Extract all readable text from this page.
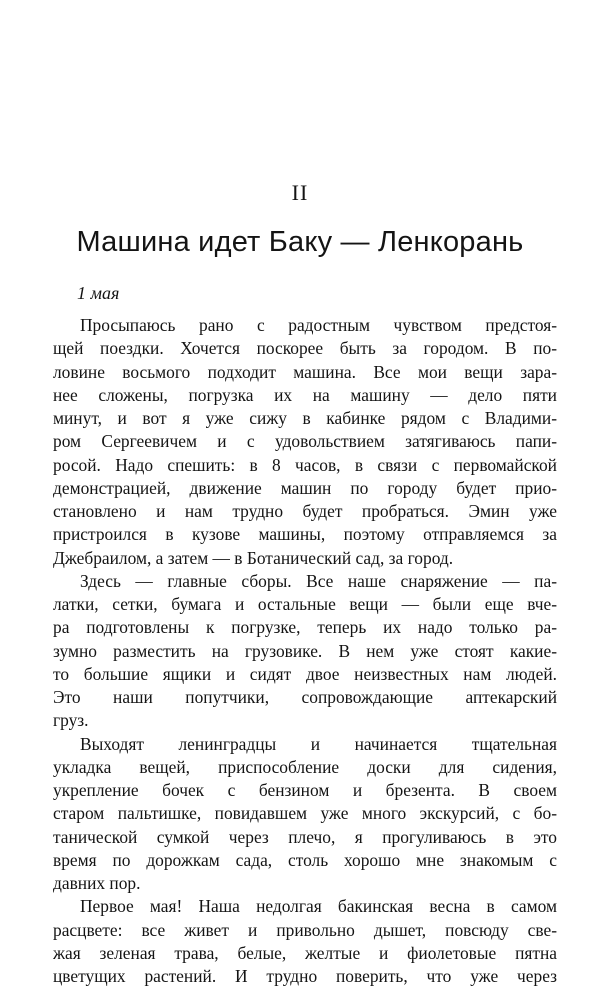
II
Машина идет Баку — Ленкорань
1 мая
Просыпаюсь рано с радостным чувством предстоя-
щей поездки. Хочется поскорее быть за городом. В по-
ловине восьмого подходит машина. Все мои вещи зара-
нее сложены, погрузка их на машину — дело пяти
минут, и вот я уже сижу в кабинке рядом с Владими-
ром Сергеевичем и с удовольствием затягиваюсь папи-
росой. Надо спешить: в 8 часов, в связи с первомайской
демонстрацией, движение машин по городу будет прио-
становлено и нам трудно будет пробраться. Эмин уже
пристроился в кузове машины, поэтому отправляемся за
Джебраилом, а затем — в Ботанический сад, за город.
Здесь — главные сборы. Все наше снаряжение — па-
латки, сетки, бумага и остальные вещи — были еще вче-
ра подготовлены к погрузке, теперь их надо только ра-
зумно разместить на грузовике. В нем уже стоят какие-
то большие ящики и сидят двое неизвестных нам людей.
Это наши попутчики, сопровождающие аптекарский
груз.
Выходят ленинградцы и начинается тщательная
укладка вещей, приспособление доски для сидения,
укрепление бочек с бензином и брезента. В своем
старом пальтишке, повидавшем уже много экскурсий, с бо-
танической сумкой через плечо, я прогуливаюсь в это
время по дорожкам сада, столь хорошо мне знакомым с
давних пор.
Первое мая! Наша недолгая бакинская весна в самом
расцвете: все живет и привольно дышет, повсюду све-
жая зеленая трава, белые, желтые и фиолетовые пятна
цветущих растений. И трудно поверить, что уже через
